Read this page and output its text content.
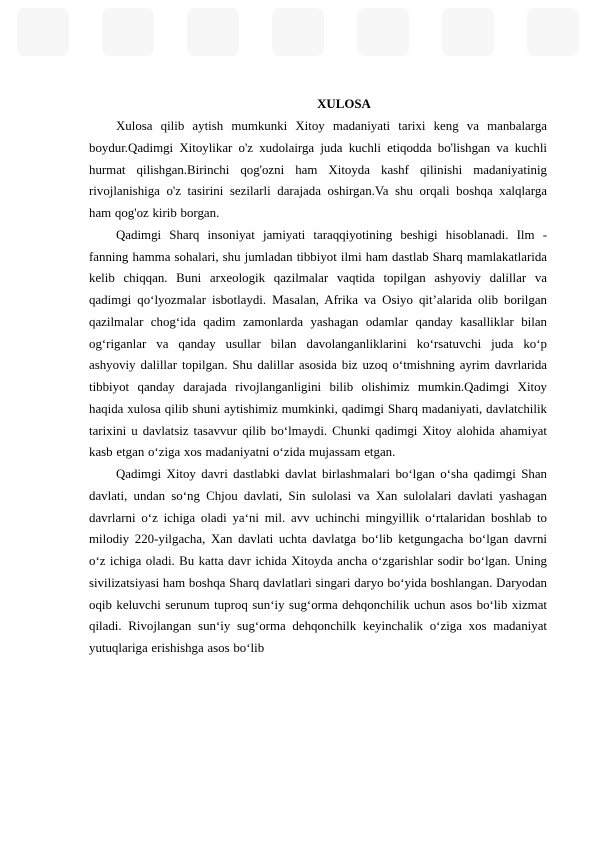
XULOSA

Xulosa qilib aytish mumkunki Xitoy madaniyati tarixi keng va manbalarga boydur.Qadimgi Xitoylikar o'z xudolairga juda kuchli etiqodda bo'lishgan va kuchli hurmat qilishgan.Birinchi qog'ozni ham Xitoyda kashf qilinishi madaniyatinig rivojlanishiga o'z tasirini sezilarli darajada oshirgan.Va shu orqali boshqa xalqlarga ham qog'oz kirib borgan.

Qadimgi Sharq insoniyat jamiyati taraqqiyotining beshigi hisoblanadi. Ilm -fanning hamma sohalari, shu jumladan tibbiyot ilmi ham dastlab Sharq mamlakatlarida kelib chiqqan. Buni arxeologik qazilmalar vaqtida topilgan ashyoviy dalillar va qadimgi qo‘lyozmalar isbotlaydi. Masalan, Afrika va Osiyo qit’alarida olib borilgan qazilmalar chog‘ida qadim zamonlarda yashagan odamlar qanday kasalliklar bilan og‘riganlar va qanday usullar bilan davolanganliklarini ko‘rsatuvchi juda ko‘p ashyoviy dalillar topilgan. Shu dalillar asosida biz uzoq o‘tmishning ayrim davrlarida tibbiyot qanday darajada rivojlanganligini bilib olishimiz mumkin.Qadimgi Xitoy haqida xulosa qilib shuni aytishimiz mumkinki, qadimgi Sharq madaniyati, davlatchilik tarixini u davlatsiz tasavvur qilib bo‘lmaydi. Chunki qadimgi Xitoy alohida ahamiyat kasb etgan o‘ziga xos madaniyatni o‘zida mujassam etgan.

Qadimgi Xitoy davri dastlabki davlat birlashmalari bo‘lgan o‘sha qadimgi Shan davlati, undan so‘ng Chjou davlati, Sin sulolasi va Xan sulolalari davlati yashagan davrlarni o‘z ichiga oladi ya‘ni mil. avv uchinchi mingyillik o‘rtalaridan boshlab to milodiy 220-yilgacha, Xan davlati uchta davlatga bo‘lib ketgungacha bo‘lgan davrni o‘z ichiga oladi. Bu katta davr ichida Xitoyda ancha o‘zgarishlar sodir bo‘lgan. Uning sivilizatsiyasi ham boshqa Sharq davlatlari singari daryo bo‘yida boshlangan. Daryodan oqib keluvchi serunum tuproq sun‘iy sug‘orma dehqonchilik uchun asos bo‘lib xizmat qiladi. Rivojlangan sun‘iy sug‘orma dehqonchilk keyinchalik o‘ziga xos madaniyat yutuqlariga erishishga asos bo‘lib
